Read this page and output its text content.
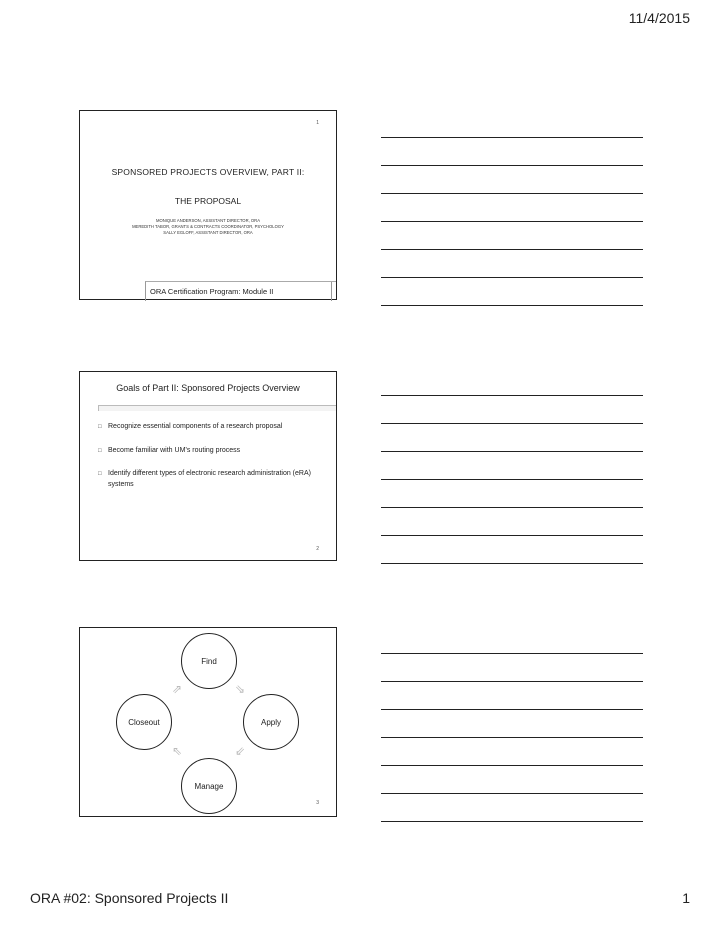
11/4/2015
1
SPONSORED PROJECTS OVERVIEW, PART II:
THE PROPOSAL
MONIQUE ANDERSON, ASSISTANT DIRECTOR, ORA
MEREDITH TABOR, GRANTS & CONTRACTS COORDINATOR, PSYCHOLOGY
SALLY EGLOFF, ASSISTANT DIRECTOR, ORA
ORA Certification Program: Module II
Goals of Part II: Sponsored Projects Overview
□ Recognize essential components of a research proposal
□ Become familiar with UM’s routing process
□ Identify different types of electronic research administration (eRA) systems
2
Find
Apply
Manage
Closeout
⇘
⇙
⇖
⇗
3
ORA #02: Sponsored Projects II	1
